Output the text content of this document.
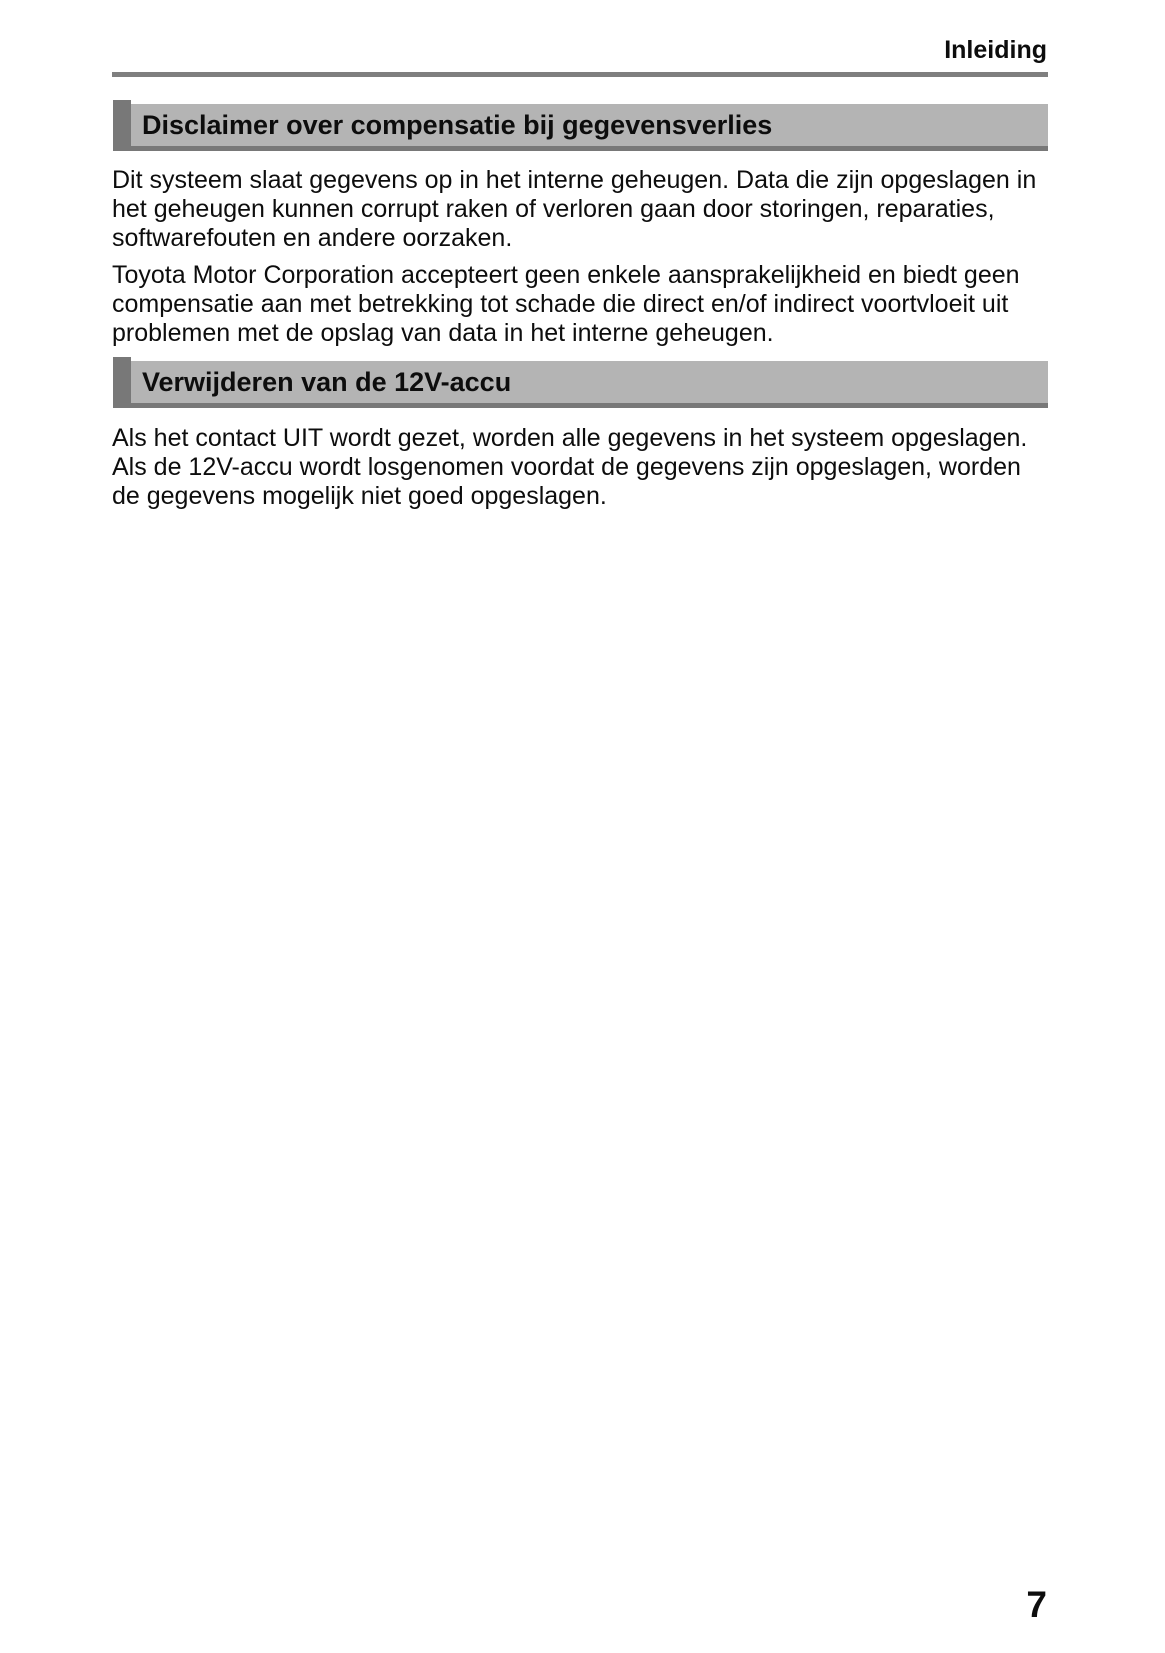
Inleiding
Disclaimer over compensatie bij gegevensverlies

Dit systeem slaat gegevens op in het interne geheugen. Data die zijn opgeslagen in het geheugen kunnen corrupt raken of verloren gaan door storingen, reparaties, softwarefouten en andere oorzaken.

Toyota Motor Corporation accepteert geen enkele aansprakelijkheid en biedt geen compensatie aan met betrekking tot schade die direct en/of indirect voortvloeit uit problemen met de opslag van data in het interne geheugen.

Verwijderen van de 12V-accu

Als het contact UIT wordt gezet, worden alle gegevens in het systeem opgeslagen. Als de 12V-accu wordt losgenomen voordat de gegevens zijn opgeslagen, worden de gegevens mogelijk niet goed opgeslagen.

7
